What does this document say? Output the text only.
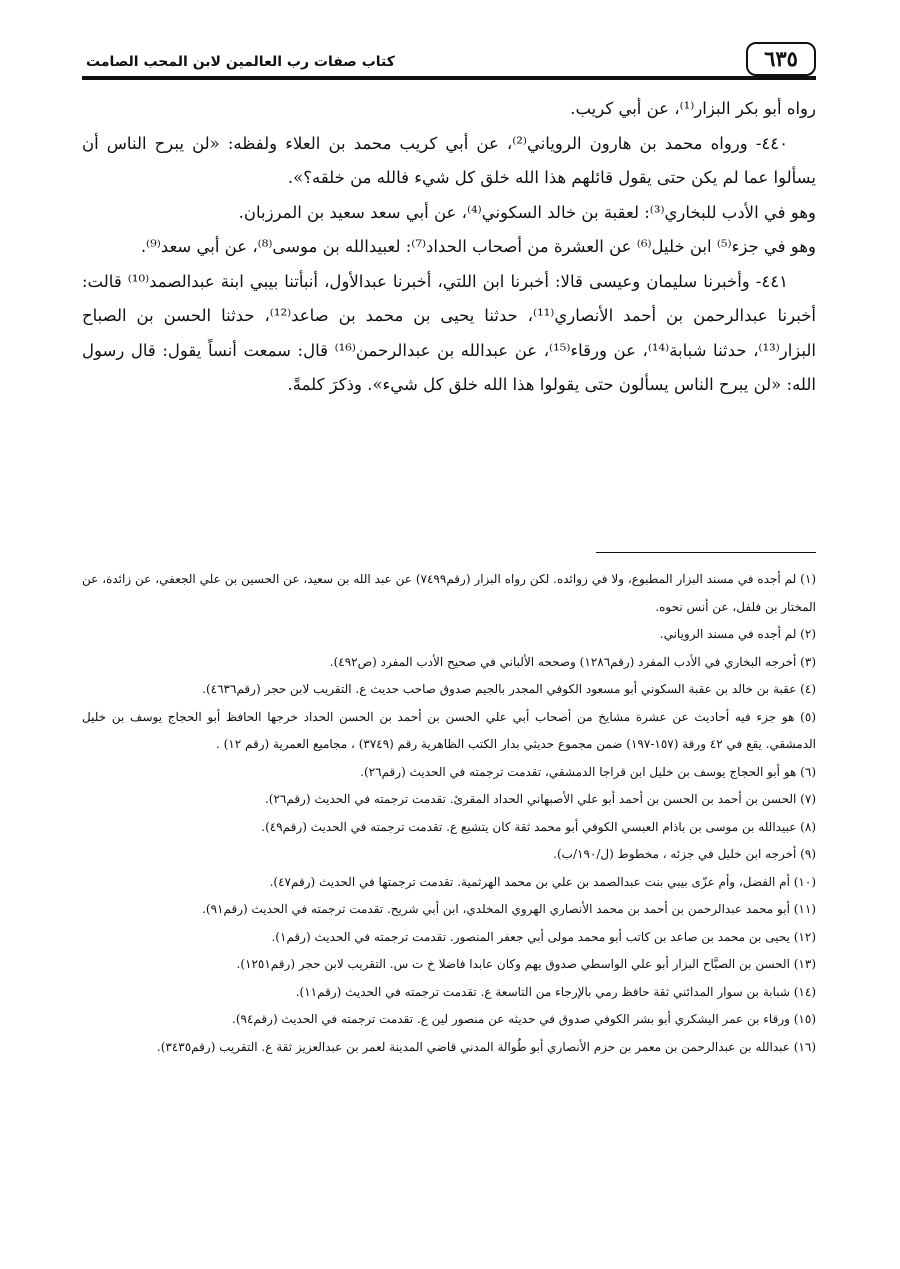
٦٣٥
كتاب صفات رب العالمين لابن المحب الصامت

رواه أبو بكر البزار⁽¹⁾، عن أبي كريب.

٤٤٠- ورواه محمد بن هارون الروياني⁽²⁾، عن أبي كريب محمد بن العلاء ولفظه: «لن يبرح الناس أن يسألوا عما لم يكن حتى يقول قائلهم هذا الله خلق كل شيء فالله من خلقه؟».

وهو في الأدب للبخاري⁽³⁾: لعقبة بن خالد السكوني⁽⁴⁾، عن أبي سعد سعيد بن المرزبان.

وهو في جزء⁽⁵⁾ ابن خليل⁽⁶⁾ عن العشرة من أصحاب الحداد⁽⁷⁾: لعبيدالله بن موسى⁽⁸⁾، عن أبي سعد⁽⁹⁾.

٤٤١- وأخبرنا سليمان وعيسى قالا: أخبرنا ابن اللتي، أخبرنا عبدالأول، أنبأتنا بيبي ابنة عبدالصمد⁽¹⁰⁾ قالت: أخبرنا عبدالرحمن بن أحمد الأنصاري⁽¹¹⁾، حدثنا يحيى بن محمد بن صاعد⁽¹²⁾، حدثنا الحسن بن الصباح البزار⁽¹³⁾، حدثنا شبابة⁽¹⁴⁾، عن ورقاء⁽¹⁵⁾، عن عبدالله بن عبدالرحمن⁽¹⁶⁾ قال: سمعت أنساً يقول: قال رسول الله: «لن يبرح الناس يسألون حتى يقولوا هذا الله خلق كل شيء». وذكرَ كلمةً.

(١) لم أجده في مسند البزار المطبوع، ولا في زوائده. لكن رواه البزار (رقم٧٤٩٩) عن عبد الله بن سعيد، عن الحسين بن علي الجعفي، عن زائدة، عن المختار بن فلفل، عن أنس نحوه.

(٢) لم أجده في مسند الروياني.

(٣) أخرجه البخاري في الأدب المفرد (رقم١٢٨٦) وصححه الألباني في صحيح الأدب المفرد (ص٤٩٢).

(٤) عقبة بن خالد بن عقبة السكوني أبو مسعود الكوفي المجدر بالجيم صدوق صاحب حديث ع. التقريب لابن حجر (رقم٤٦٣٦).

(٥) هو جزء فيه أحاديث عن عشرة مشايخ من أصحاب أبي علي الحسن بن أحمد بن الحسن الحداد خرجها الحافظ أبو الحجاج يوسف بن خليل الدمشقي. يقع في ٤٢ ورقة (١٥٧-١٩٧) ضمن مجموع حديثي بدار الكتب الظاهرية رقم (٣٧٤٩) ، مجاميع العمرية (رقم ١٢) .

(٦) هو أبو الحجاج يوسف بن خليل ابن قراجا الدمشقي، تقدمت ترجمته في الحديث (رقم٢٦).

(٧) الحسن بن أحمد بن الحسن بن أحمد أبو علي الأصبهاني الحداد المقرئ. تقدمت ترجمته في الحديث (رقم٢٦).

(٨) عبيدالله بن موسى بن باذام العبسي الكوفي أبو محمد ثقة كان يتشيع ع. تقدمت ترجمته في الحديث (رقم٤٩).

(٩) أخرجه ابن خليل في جزئه ، مخطوط (ل/١٩٠/ب).

(١٠) أم الفضل، وأم عزّى بيبي بنت عبدالصمد بن علي بن محمد الهرثمية. تقدمت ترجمتها في الحديث (رقم٤٧).

(١١) أبو محمد عبدالرحمن بن أحمد بن محمد الأنصاري الهروي المخلدي، ابن أبي شريح. تقدمت ترجمته في الحديث (رقم٩١).

(١٢) يحيى بن محمد بن صاعد بن كاتب أبو محمد مولى أبي جعفر المنصور. تقدمت ترجمته في الحديث (رقم١).

(١٣) الحسن بن الصبَّاح البزار أبو علي الواسطي صدوق يهم وكان عابدا فاضلا خ ت س. التقريب لابن حجر (رقم١٢٥١).

(١٤) شبابة بن سوار المدائني ثقة حافظ رمي بالإرجاء من التاسعة ع. تقدمت ترجمته في الحديث (رقم١١).

(١٥) ورقاء بن عمر اليشكري أبو بشر الكوفي صدوق في حديثه عن منصور لين ع. تقدمت ترجمته في الحديث (رقم٩٤).

(١٦) عبدالله بن عبدالرحمن بن معمر بن حزم الأنصاري أبو طُوالة المدني قاضي المدينة لعمر بن عبدالعزيز ثقة ع. التقريب (رقم٣٤٣٥).
